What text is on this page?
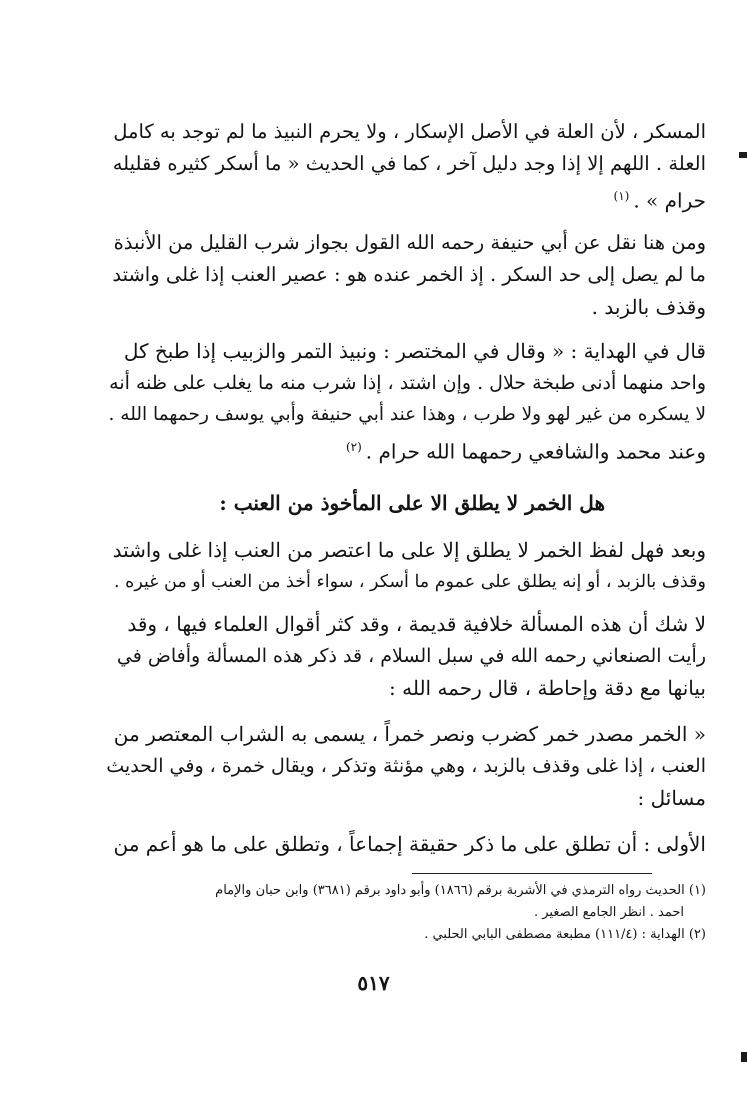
المسكر ، لأن العلة في الأصل الإسكار ، ولا يحرم النبيذ ما لم توجد به كامل
العلة . اللهم إلا إذا وجد دليل آخر ، كما في الحديث « ما أسكر كثيره فقليله
حرام » .$^{(١)}$
ومن هنا نقل عن أبي حنيفة رحمه الله القول بجواز شرب القليل من الأنبذة
ما لم يصل إلى حد السكر . إذ الخمر عنده هو : عصير العنب إذا غلى واشتد
وقذف بالزبد .
قال في الهداية : « وقال في المختصر : ونبيذ التمر والزبيب إذا طبخ كل
واحد منهما أدنى طبخة حلال . وإن اشتد ، إذا شرب منه ما يغلب على ظنه أنه
لا يسكره من غير لهو ولا طرب ، وهذا عند أبي حنيفة وأبي يوسف رحمهما الله .
وعند محمد والشافعي رحمهما الله حرام .$^{(٢)}$
هل الخمر لا يطلق الا على المأخوذ من العنب :
وبعد فهل لفظ الخمر لا يطلق إلا على ما اعتصر من العنب إذا غلى واشتد
وقذف بالزبد ، أو إنه يطلق على عموم ما أسكر ، سواء أخذ من العنب أو من غيره .
لا شك أن هذه المسألة خلافية قديمة ، وقد كثر أقوال العلماء فيها ، وقد
رأيت الصنعاني رحمه الله في سبل السلام ، قد ذكر هذه المسألة وأفاض في
بيانها مع دقة وإحاطة ، قال رحمه الله :
« الخمر مصدر خمر كضرب ونصر خمراً ، يسمى به الشراب المعتصر من
العنب ، إذا غلى وقذف بالزبد ، وهي مؤنثة وتذكر ، ويقال خمرة ، وفي الحديث
مسائل :
الأولى : أن تطلق على ما ذكر حقيقة إجماعاً ، وتطلق على ما هو أعم من
(١) الحديث رواه الترمذي في الأشربة برقم (١٨٦٦) وأبو داود برقم (٣٦٨١) وابن حبان والإمام
احمد . انظر الجامع الصغير .
(٢) الهداية : (١١١/٤) مطبعة مصطفى البابي الحلبي .
٥١٧
